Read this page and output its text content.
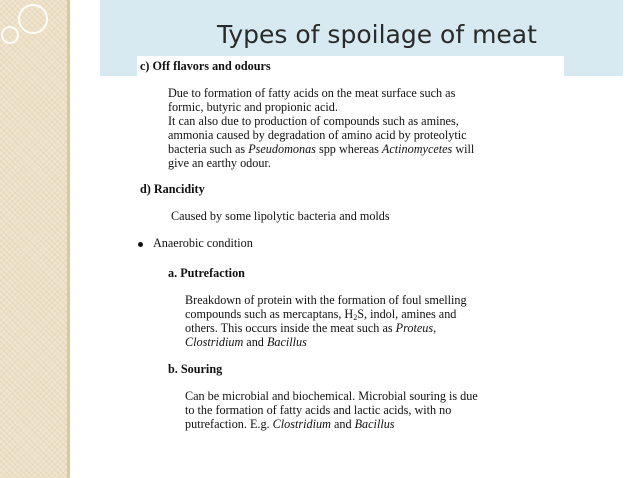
Types of spoilage of meat

c) Off flavors and odours

Due to formation of fatty acids on the meat surface such as

formic, butyric and propionic acid.

It can also due to production of compounds such as amines,

ammonia caused by degradation of amino acid by proteolytic

bacteria such as Pseudomonas spp whereas Actinomycetes will

give an earthy odour.

d) Rancidity

Caused by some lipolytic bacteria and molds

a. Putrefaction

Breakdown of protein with the formation of foul smelling

compounds such as mercaptans, $H_2S$, indol, amines and

others. This occurs inside the meat such as Proteus,

Clostridium and Bacillus

b. Souring

Can be microbial and biochemical. Microbial souring is due

to the formation of fatty acids and lactic acids, with no

putrefaction. E.g. Clostridium and Bacillus

Anaerobic condition
